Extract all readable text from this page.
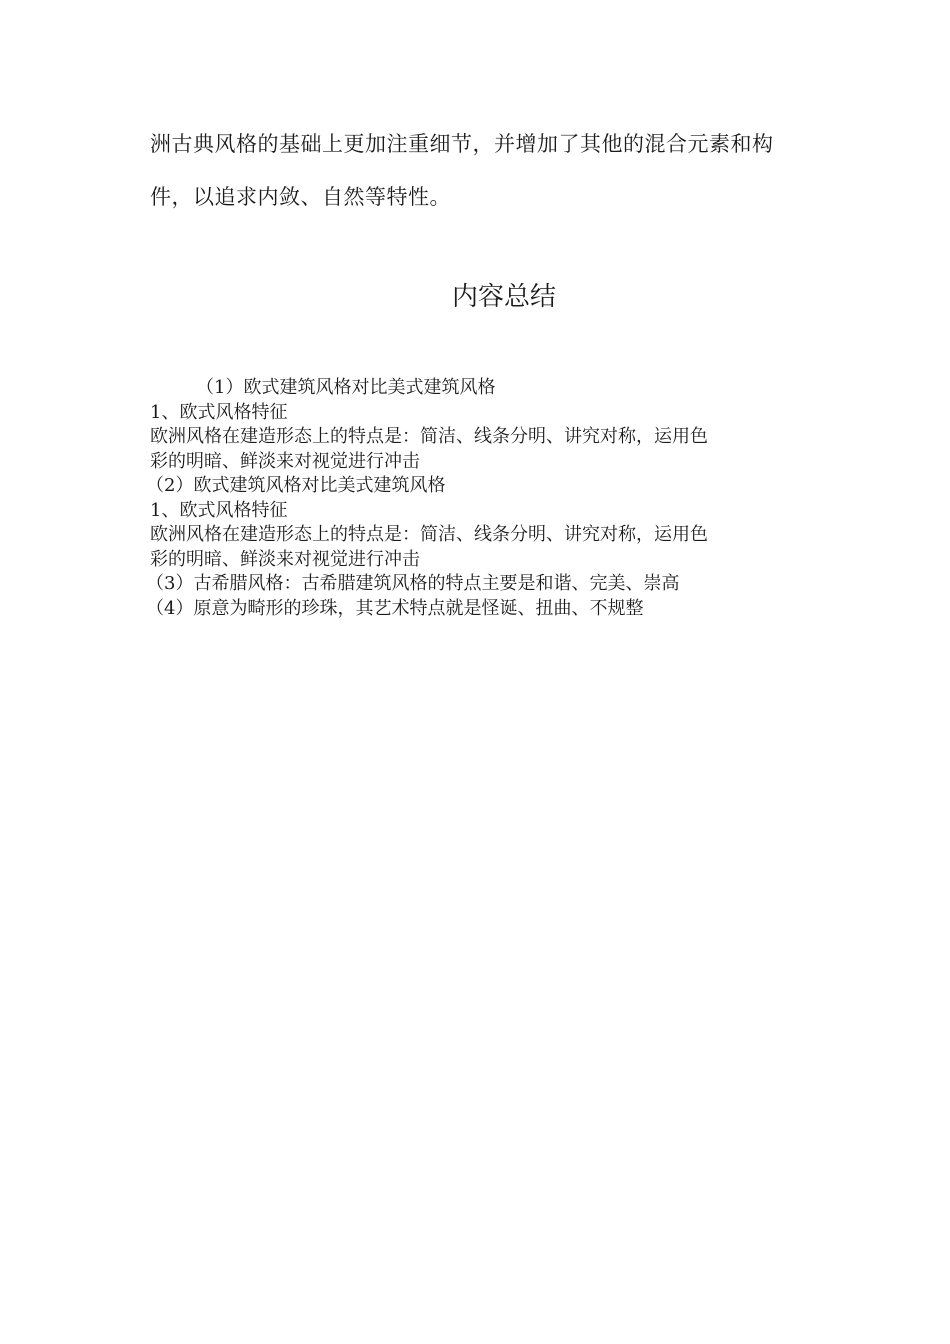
洲古典风格的基础上更加注重细节，并增加了其他的混合元素和构

件，以追求内敛、自然等特性。

内容总结

（1）欧式建筑风格对比美式建筑风格

1、欧式风格特征

欧洲风格在建造形态上的特点是：简洁、线条分明、讲究对称，运用色

彩的明暗、鲜淡来对视觉进行冲击

（2）欧式建筑风格对比美式建筑风格

1、欧式风格特征

欧洲风格在建造形态上的特点是：简洁、线条分明、讲究对称，运用色

彩的明暗、鲜淡来对视觉进行冲击

（3）古希腊风格：古希腊建筑风格的特点主要是和谐、完美、崇高

（4）原意为畸形的珍珠，其艺术特点就是怪诞、扭曲、不规整
